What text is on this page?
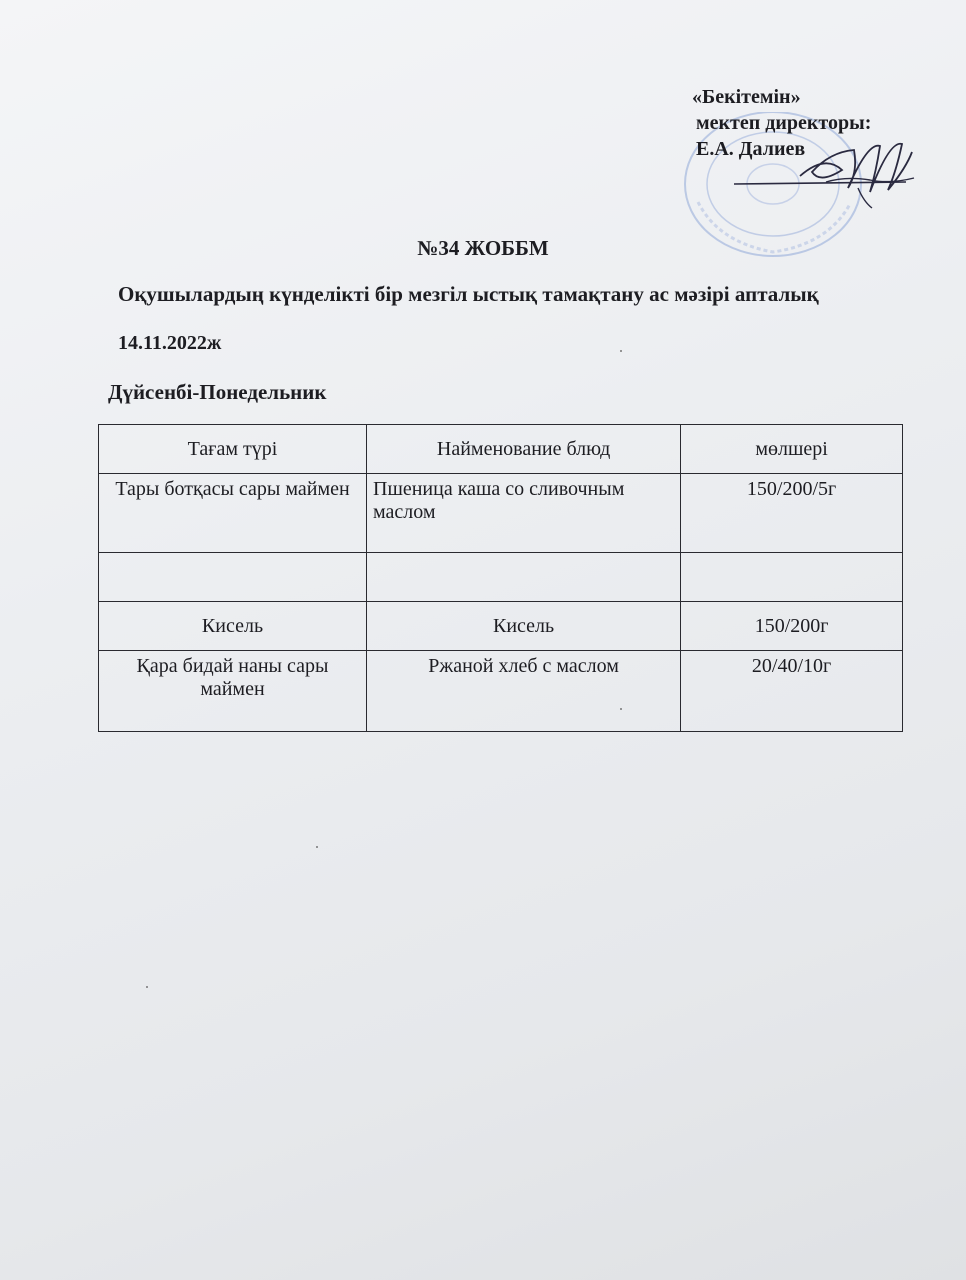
«Бекітемін»
мектеп директоры:
Е.А. Далиев
№34 ЖОББМ
Оқушылардың күнделікті бір мезгіл ыстық тамақтану ас мәзірі апталық
14.11.2022ж
Дүйсенбі-Понедельник
Тағам түрі	Найменование блюд	мөлшері
Тары ботқасы сары маймен	Пшеница каша со сливочным маслом	150/200/5г

Кисель	Кисель	150/200г
Қара бидай наны сары маймен	Ржаной хлеб с маслом	20/40/10г
